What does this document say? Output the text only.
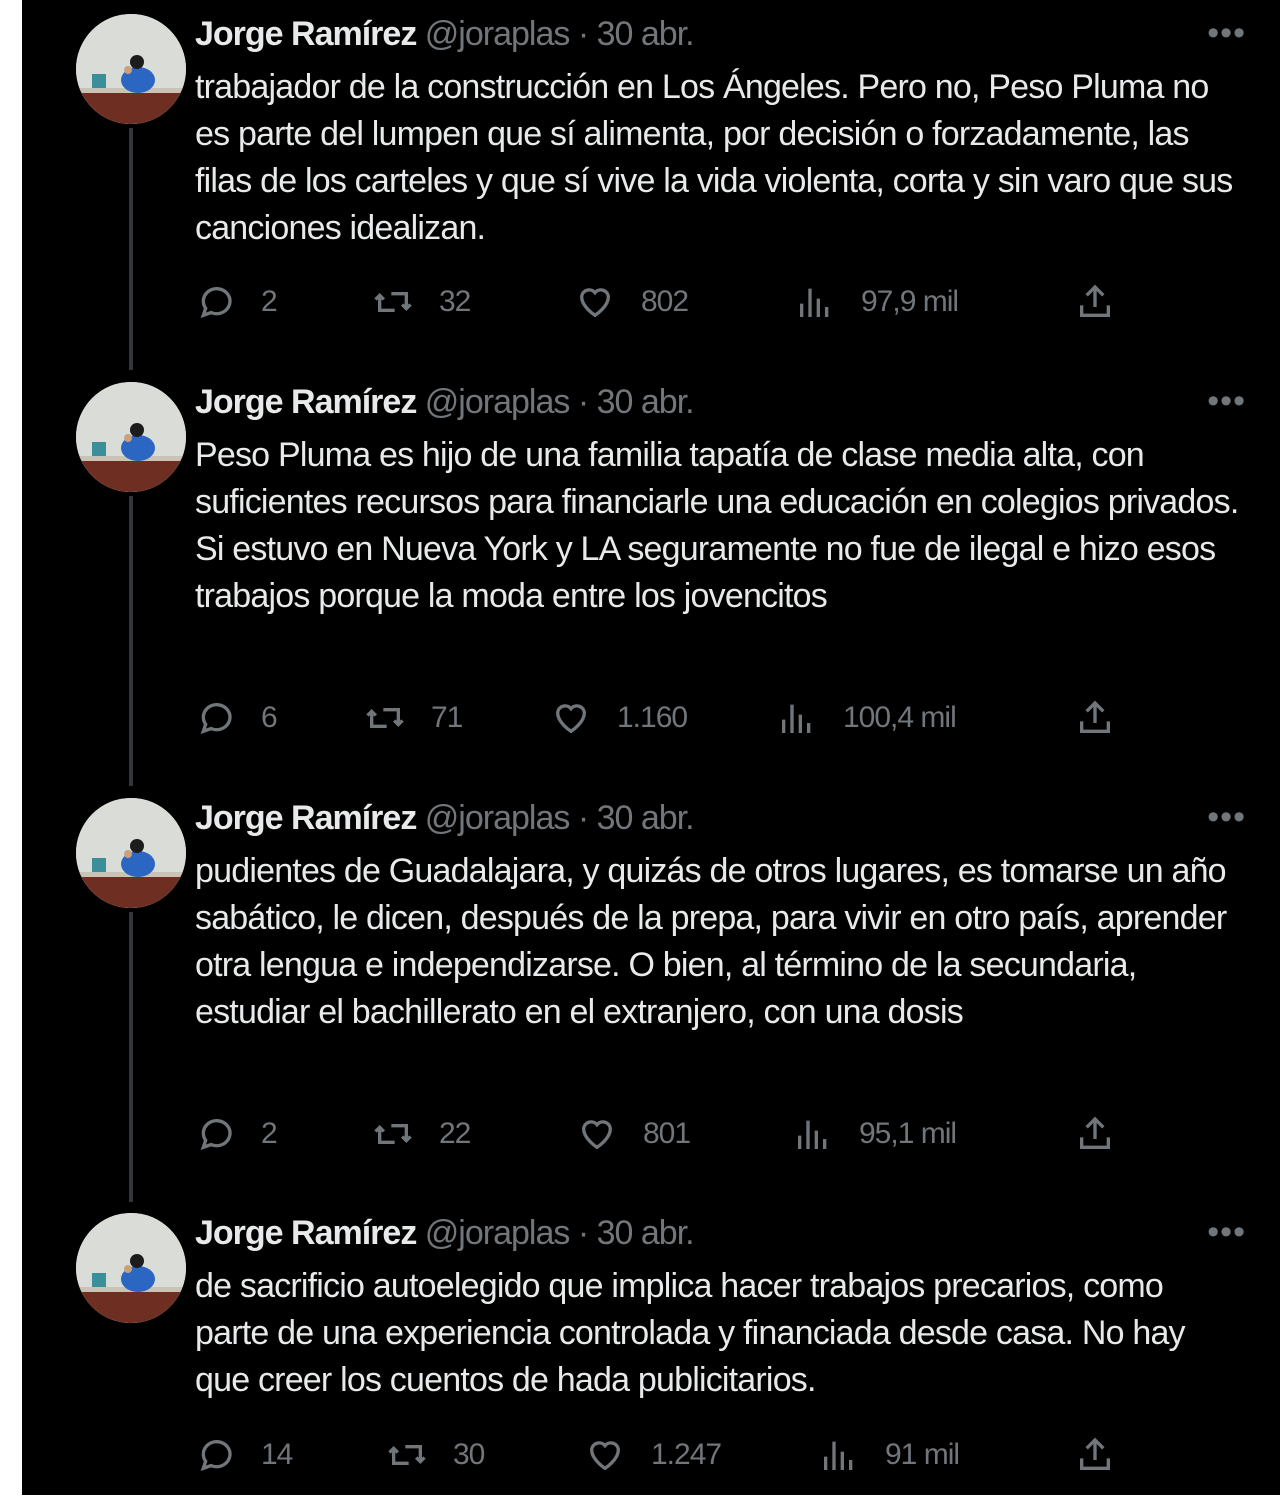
Jorge Ramírez @joraplas · 30 abr.	•••
trabajador de la construcción en Los Ángeles. Pero no, Peso Pluma no es parte del lumpen que sí alimenta, por decisión o forzadamente, las filas de los carteles y que sí vive la vida violenta, corta y sin varo que sus canciones idealizan.
2	32	802	97,9 mil
Jorge Ramírez @joraplas · 30 abr.	•••
Peso Pluma es hijo de una familia tapatía de clase media alta, con suficientes recursos para financiarle una educación en colegios privados. Si estuvo en Nueva York y LA seguramente no fue de ilegal e hizo esos trabajos porque la moda entre los jovencitos
6	71	1.160	100,4 mil
Jorge Ramírez @joraplas · 30 abr.	•••
pudientes de Guadalajara, y quizás de otros lugares, es tomarse un año sabático, le dicen, después de la prepa, para vivir en otro país, aprender otra lengua e independizarse. O bien, al término de la secundaria, estudiar el bachillerato en el extranjero, con una dosis
2	22	801	95,1 mil
Jorge Ramírez @joraplas · 30 abr.	•••
de sacrificio autoelegido que implica hacer trabajos precarios, como parte de una experiencia controlada y financiada desde casa. No hay que creer los cuentos de hada publicitarios.
14	30	1.247	91 mil
